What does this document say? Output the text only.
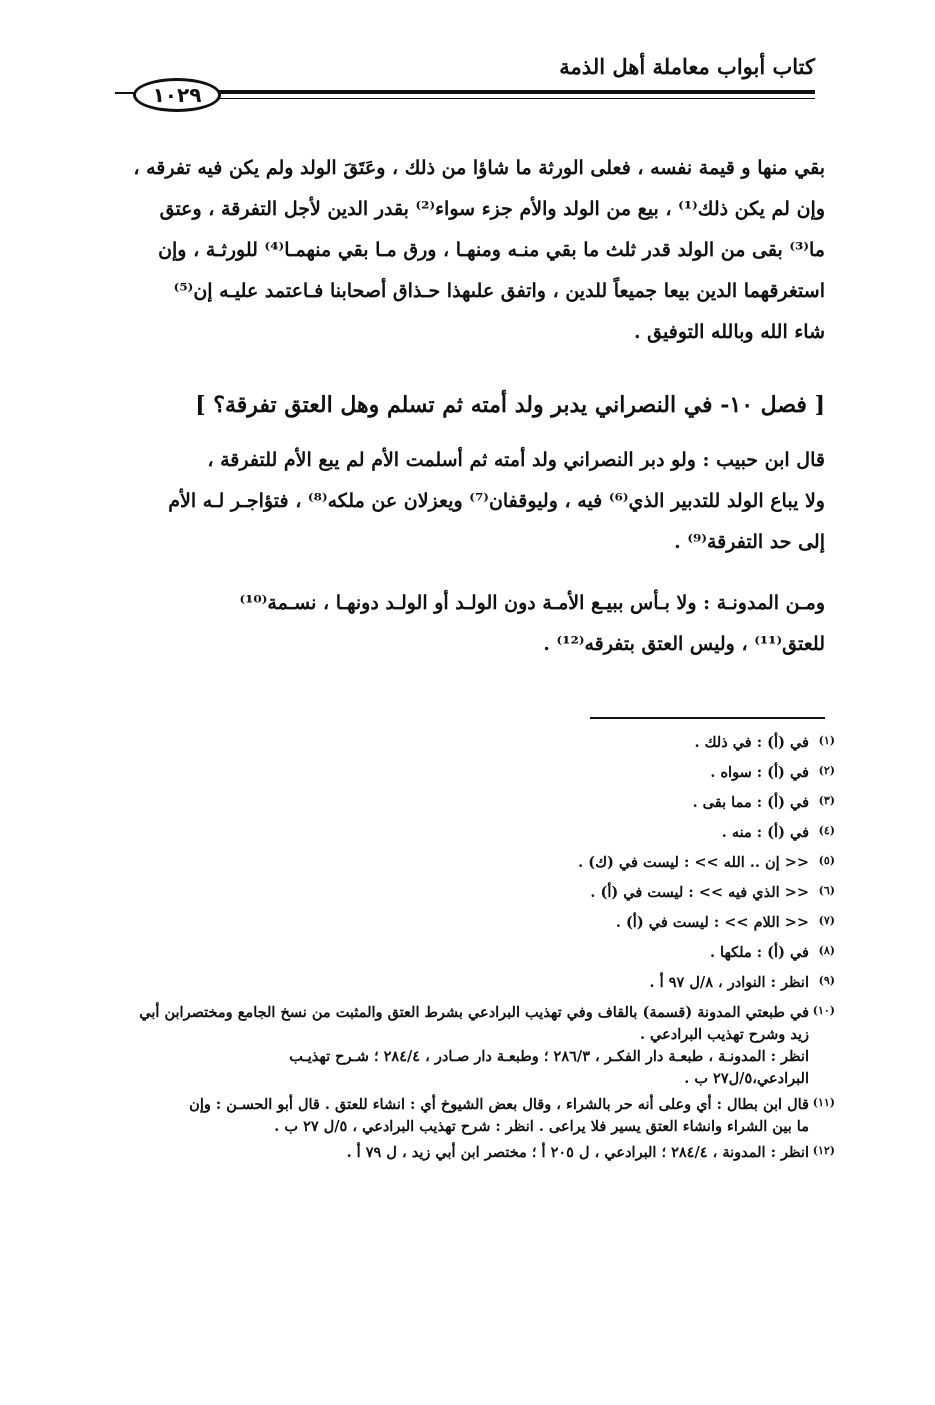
كتاب أبواب معاملة أهل الذمة
١٠٢٩
بقي منها و قيمة نفسه ، فعلى الورثة ما شاؤا من ذلك ، وعَتَقَ الولد ولم يكن فيه تفرقه ،
وإن لم يكن ذلك⁽¹⁾ ، بيع من الولد والأم جزء سواء⁽²⁾ بقدر الدين لأجل التفرقة ، وعتق
ما⁽³⁾ بقى من الولد قدر ثلث ما بقي منـه ومنهـا ، ورق مـا بقي منهمـا⁽⁴⁾ للورثـة ، وإن
استغرقهما الدين بيعا جميعاً للدين ، واتفق علىهذا حـذاق أصحابنا فـاعتمد عليـه إن⁽⁵⁾
شاء الله وبالله التوفيق .
[ فصل ١٠- في النصراني يدبر ولد أمته ثم تسلم وهل العتق تفرقة؟ ]
قال ابن حبيب : ولو دبر النصراني ولد أمته ثم أسلمت الأم لم يبع الأم للتفرقة ،
ولا يباع الولد للتدبير الذي⁽⁶⁾ فيه ، وليوقفان⁽⁷⁾ ويعزلان عن ملكه⁽⁸⁾ ، فتؤاجـر لـه الأم
إلى حد التفرقة⁽⁹⁾ .
ومـن المدونـة : ولا بـأس ببيـع الأمـة دون الولـد أو الولـد دونهـا ، نسـمة⁽¹⁰⁾
للعتق⁽¹¹⁾ ، وليس العتق بتفرقه⁽¹²⁾ .
(١)

في (أ) : في ذلك .

(٢)

في (أ) : سواه .

(٣)

في (أ) : مما بقى .

(٤)

في (أ) : منه .

(٥)

<< إن .. الله >> : ليست في (ك) .

(٦)

<< الذي فيه >> : ليست في (أ) .

(٧)

<< اللام >> : ليست في (أ) .

(٨)

في (أ) : ملكها .

(٩)

انظر : النوادر ، ٨/ل ٩٧ أ .

(١٠)

في طبعتي المدونة (قسمة) بالقاف وفي تهذيب البرادعي بشرط العتق والمثبت من نسخ الجامع ومختصرابن أبي

زيد وشرح تهذيب البرادعي .

انظر : المدونـة ، طبعـة دار الفكـر ، ٢٨٦/٣ ؛ وطبعـة دار صـادر ، ٢٨٤/٤ ؛ شـرح تهذيـب

البرادعي،٥/ل٢٧ ب .

(١١)

قال ابن بطال : أي وعلى أنه حر بالشراء ، وقال بعض الشيوخ أي : انشاء للعتق . قال أبو الحسـن : وإن

ما بين الشراء وانشاء العتق يسير فلا يراعى . انظر : شرح تهذيب البرادعي ، ٥/ل ٢٧ ب .

(١٢)

انظر : المدونة ، ٢٨٤/٤ ؛ البرادعي ، ل ٢٠٥ أ ؛ مختصر ابن أبي زيد ، ل ٧٩ أ .
